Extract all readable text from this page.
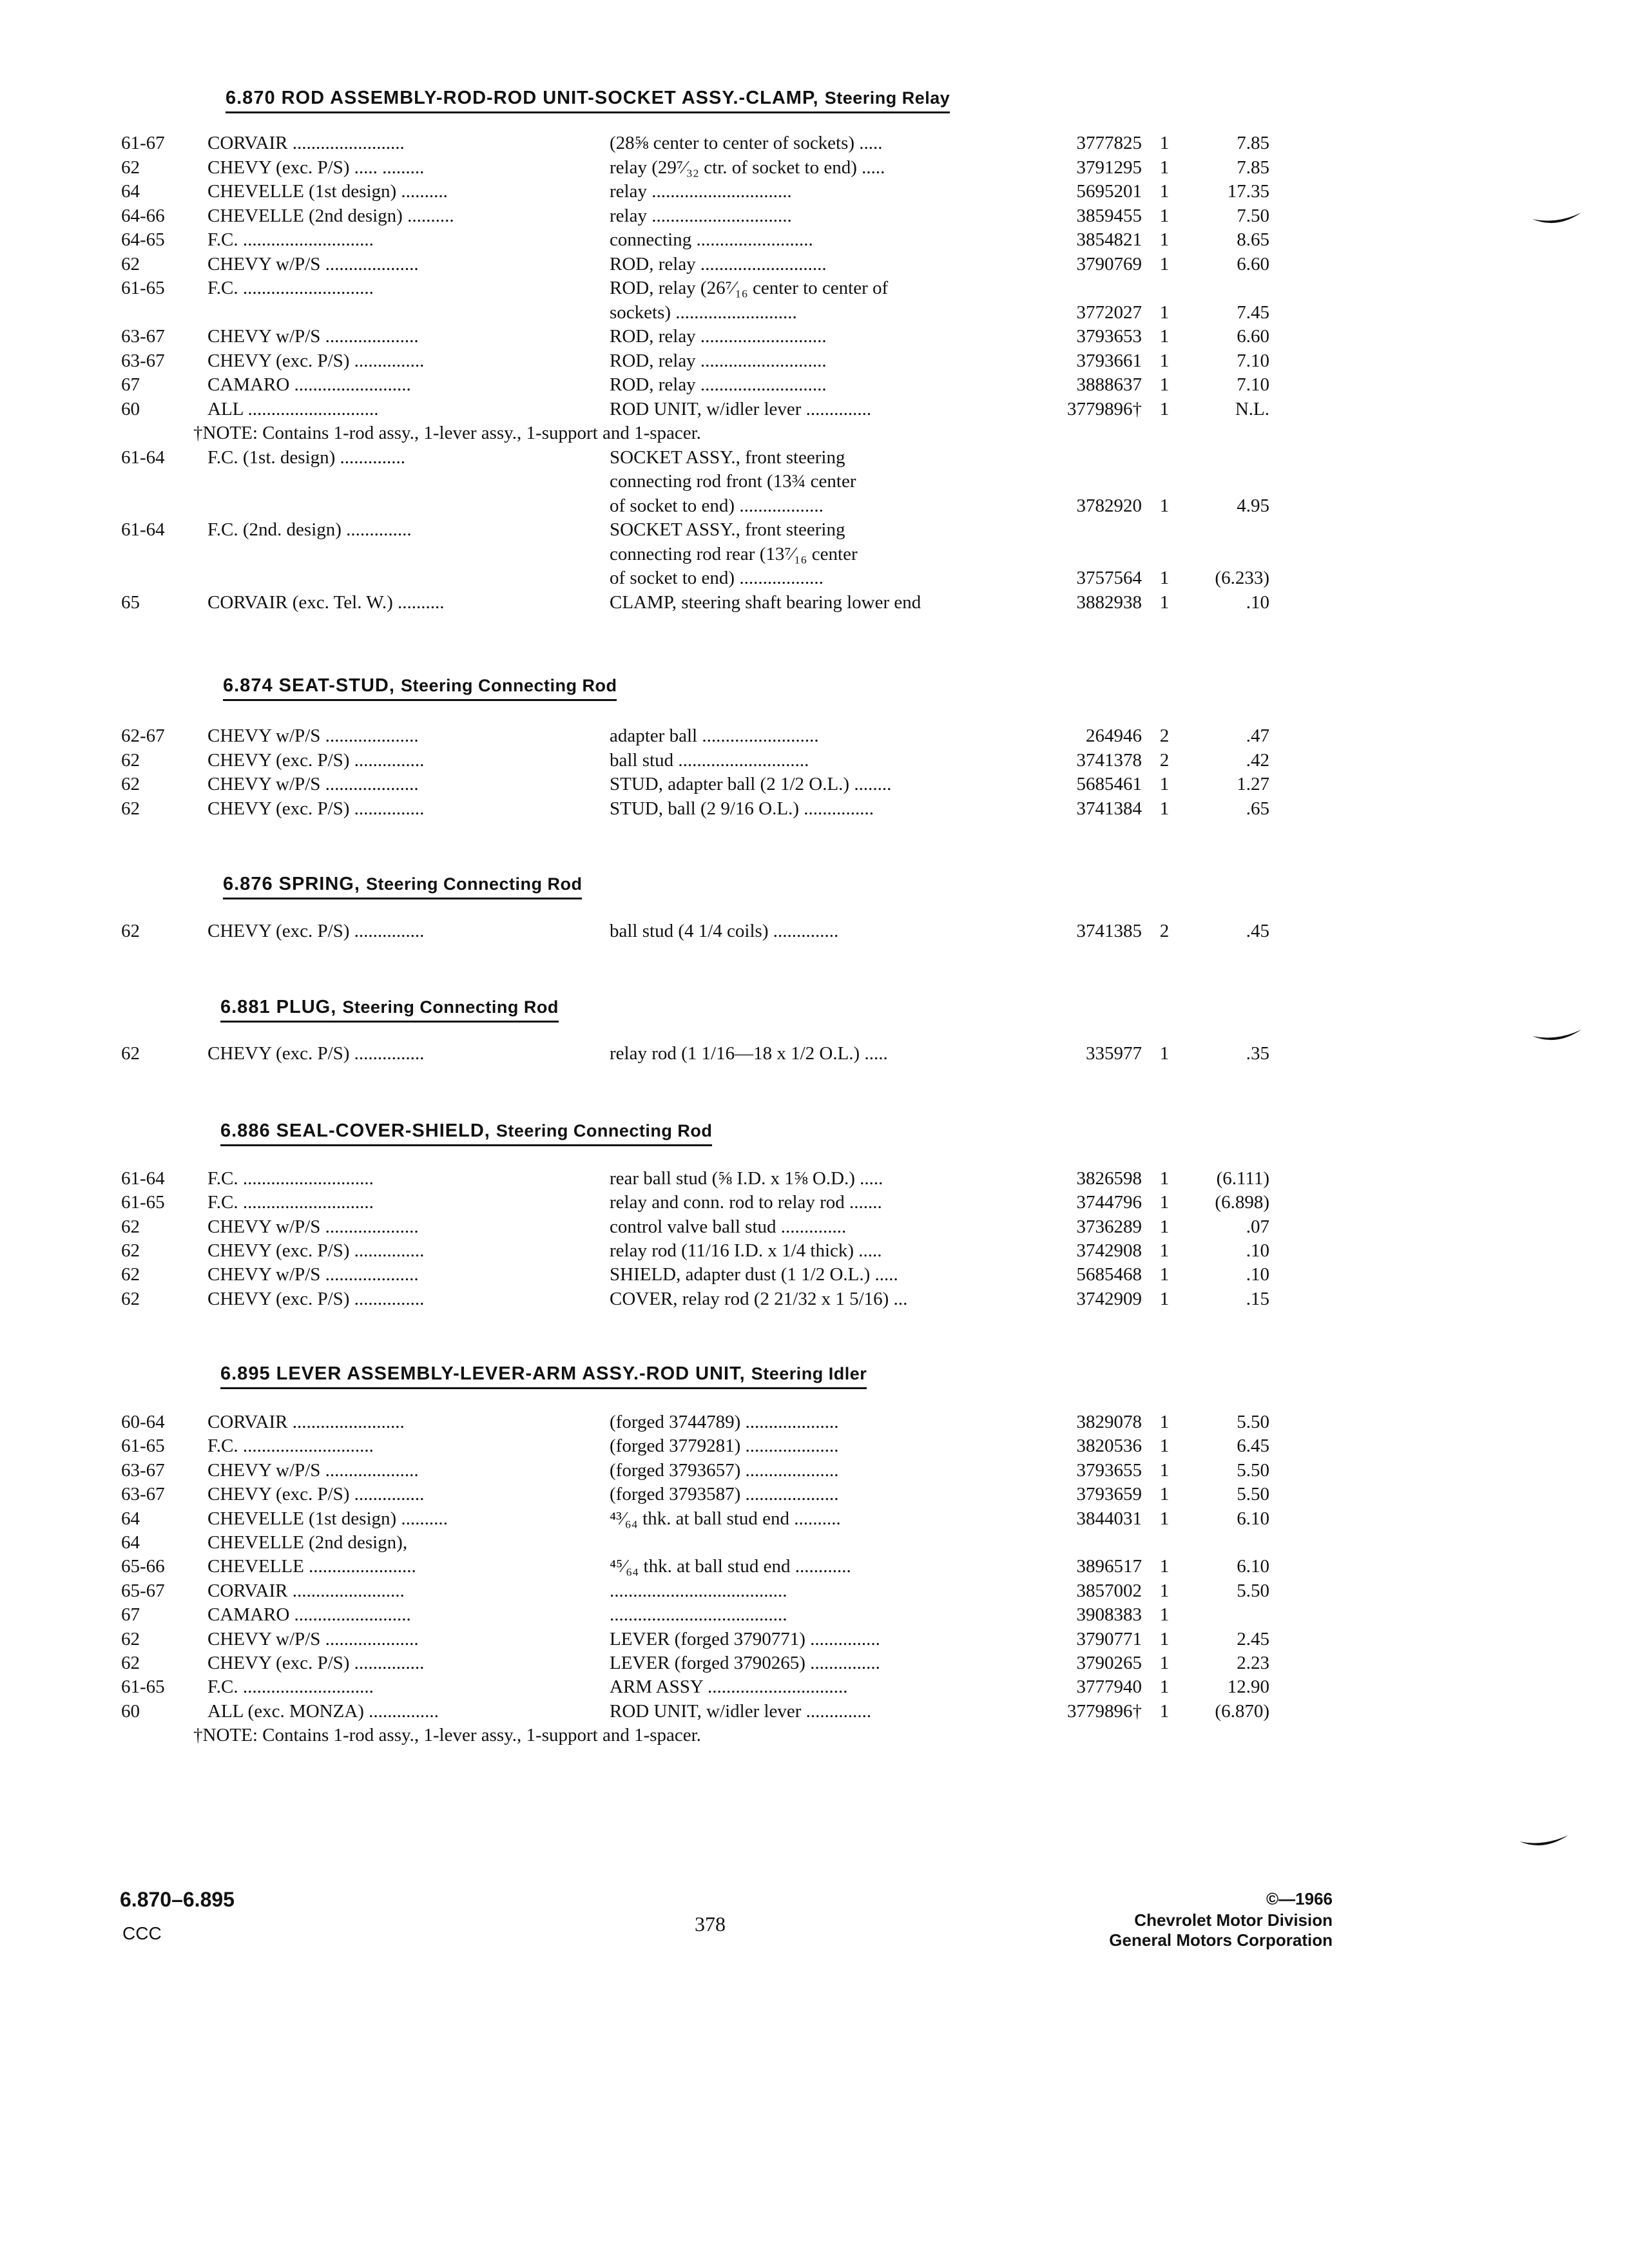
6.870 ROD ASSEMBLY-ROD-ROD UNIT-SOCKET ASSY.-CLAMP, Steering Relay
61-67 CORVAIR ........................	(28⅝ center to center of sockets) .....	3777825 1	7.85
62	CHEVY (exc. P/S) ..... .........	relay (29⁷⁄₃₂ ctr. of socket to end) .....	3791295 1	7.85
64	CHEVELLE (1st design) ..........	relay ..............................	5695201 1	17.35
64-66 CHEVELLE (2nd design) ..........	relay ..............................	3859455 1	7.50
64-65 F.C. ............................	connecting .........................	3854821 1	8.65
62	CHEVY w/P/S ....................	ROD, relay ...........................	3790769 1	6.60
61-65 F.C. ............................	ROD, relay (26⁷⁄₁₆ center to center of
sockets) ..........................	3772027 1	7.45
63-67 CHEVY w/P/S ....................	ROD, relay ...........................	3793653 1	6.60
63-67 CHEVY (exc. P/S) ...............	ROD, relay ...........................	3793661 1	7.10
67	CAMARO .........................	ROD, relay ...........................	3888637 1	7.10
60	ALL ............................	ROD UNIT, w/idler lever ..............	3779896† 1	N.L.
†NOTE: Contains 1-rod assy., 1-lever assy., 1-support and 1-spacer.
61-64 F.C. (1st. design) ..............	SOCKET ASSY., front steering
connecting rod front (13¾ center
of socket to end) ..................	3782920 1	4.95
61-64 F.C. (2nd. design) ..............	SOCKET ASSY., front steering
connecting rod rear (13⁷⁄₁₆ center
of socket to end) ..................	3757564 1	(6.233)
65	CORVAIR (exc. Tel. W.) ..........	CLAMP, steering shaft bearing lower end	3882938 1	.10
6.874 SEAT-STUD, Steering Connecting Rod
62-67 CHEVY w/P/S ....................	adapter ball .........................	264946 2	.47
62	CHEVY (exc. P/S) ...............	ball stud ............................	3741378 2	.42
62	CHEVY w/P/S ....................	STUD, adapter ball (2 1/2 O.L.) ........	5685461 1	1.27
62	CHEVY (exc. P/S) ...............	STUD, ball (2 9/16 O.L.) ...............	3741384 1	.65
6.876 SPRING, Steering Connecting Rod
62	CHEVY (exc. P/S) ...............	ball stud (4 1/4 coils) ..............	3741385 2	.45
6.881 PLUG, Steering Connecting Rod
62	CHEVY (exc. P/S) ...............	relay rod (1 1/16—18 x 1/2 O.L.) .....	335977 1	.35
6.886 SEAL-COVER-SHIELD, Steering Connecting Rod
61-64 F.C. ............................	rear ball stud (⅝ I.D. x 1⅝ O.D.) .....	3826598 1	(6.111)
61-65 F.C. ............................	relay and conn. rod to relay rod .......	3744796 1	(6.898)
62	CHEVY w/P/S ....................	control valve ball stud ..............	3736289 1	.07
62	CHEVY (exc. P/S) ...............	relay rod (11/16 I.D. x 1/4 thick) .....	3742908 1	.10
62	CHEVY w/P/S ....................	SHIELD, adapter dust (1 1/2 O.L.) .....	5685468 1	.10
62	CHEVY (exc. P/S) ...............	COVER, relay rod (2 21/32 x 1 5/16) ...	3742909 1	.15
6.895 LEVER ASSEMBLY-LEVER-ARM ASSY.-ROD UNIT, Steering Idler
60-64 CORVAIR ........................	(forged 3744789) ....................	3829078 1	5.50
61-65 F.C. ............................	(forged 3779281) ....................	3820536 1	6.45
63-67 CHEVY w/P/S ....................	(forged 3793657) ....................	3793655 1	5.50
63-67 CHEVY (exc. P/S) ...............	(forged 3793587) ....................	3793659 1	5.50
64	CHEVELLE (1st design) ..........	⁴³⁄₆₄ thk. at ball stud end ..........	3844031 1	6.10
64	CHEVELLE (2nd design),
65-66 CHEVELLE .......................	⁴⁵⁄₆₄ thk. at ball stud end ............	3896517 1	6.10
65-67 CORVAIR ........................	......................................	3857002 1	5.50
67	CAMARO .........................	......................................	3908383 1
62	CHEVY w/P/S ....................	LEVER (forged 3790771) ...............	3790771 1	2.45
62	CHEVY (exc. P/S) ...............	LEVER (forged 3790265) ...............	3790265 1	2.23
61-65 F.C. ............................	ARM ASSY ..............................	3777940 1	12.90
60	ALL (exc. MONZA) ...............	ROD UNIT, w/idler lever ..............	3779896† 1	(6.870)
†NOTE: Contains 1-rod assy., 1-lever assy., 1-support and 1-spacer.
6.870–6.895
CCC	378
©—1966
Chevrolet Motor Division
General Motors Corporation
